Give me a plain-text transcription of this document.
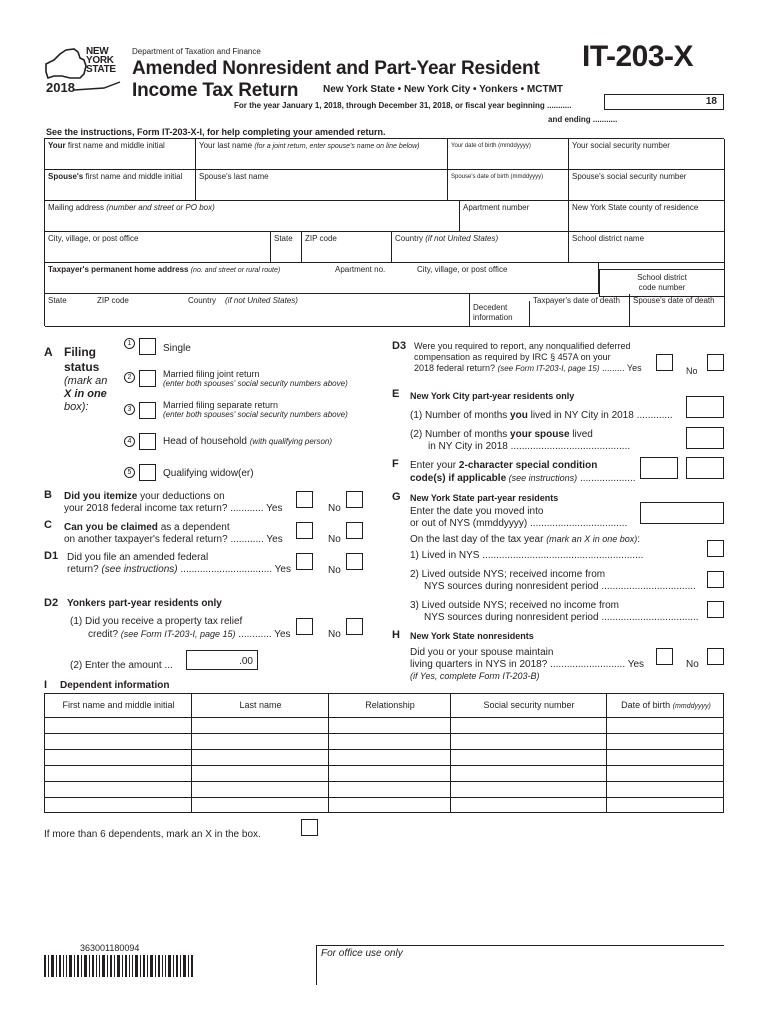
NEW
YORK
STATE
2018
Department of Taxation and Finance	IT-203-X
Amended Nonresident and Part-Year Resident
Income Tax Return New York State • New York City • Yonkers • MCTMT
For the year January 1, 2018, through December 31, 2018, or fiscal year beginning ...........	18
and ending ...........
See the instructions, Form IT-203-X-I, for help completing your amended return.
Your first name and middle initial	Your last name (for a joint return, enter spouse's name on line below)	Your date of birth (mmddyyyy)	Your social security number
Spouse's first name and middle initial	Spouse's last name	Spouse's date of birth (mmddyyyy)	Spouse's social security number
Mailing address (number and street or PO box)	Apartment number	New York State county of residence
City, village, or post office	State	ZIP code	Country (if not United States)	School district name
Taxpayer's permanent home address (no. and street or rural route)	Apartment no.	City, village, or post office
School district
code number
State	ZIP code	Country (if not United States)
Decedent
information
Taxpayer's date of death	Spouse's date of death
A Filing
status
(mark an
X in one
box):
1	Single
2	Married filing joint return
(enter both spouses' social security numbers above)
3	Married filing separate return
(enter both spouses' social security numbers above)
4	Head of household (with qualifying person)
5	Qualifying widow(er)
B Did you itemize your deductions on
your 2018 federal income tax return? ............ Yes	No
C Can you be claimed as a dependent
on another taxpayer's federal return? ............ Yes	No
D1 Did you file an amended federal
return? (see instructions) ................................. Yes	No
D2 Yonkers part-year residents only
(1) Did you receive a property tax relief
credit? (see Form IT-203-I, page 15) ............ Yes	No
(2) Enter the amount ...	.00
I Dependent information
First name and middle initial	Last name	Relationship	Social security number	Date of birth (mmddyyyy)
If more than 6 dependents, mark an X in the box.
D3 Were you required to report, any nonqualified deferred
compensation as required by IRC § 457A on your
2018 federal return? (see Form IT-203-I, page 15) ......... Yes	No
E New York City part-year residents only
(1) Number of months you lived in NY City in 2018 .............
(2) Number of months your spouse lived
in NY City in 2018 ...........................................
F Enter your 2-character special condition
code(s) if applicable (see instructions) ....................
G New York State part-year residents
Enter the date you moved into
or out of NYS (mmddyyyy) ...................................
On the last day of the tax year (mark an X in one box):
1) Lived in NYS ..........................................................
2) Lived outside NYS; received income from
NYS sources during nonresident period ..................................
3) Lived outside NYS; received no income from
NYS sources during nonresident period ...................................
H New York State nonresidents
Did you or your spouse maintain
living quarters in NYS in 2018? ........................... Yes	No
(if Yes, complete Form IT-203-B)
363001180094	For office use only
